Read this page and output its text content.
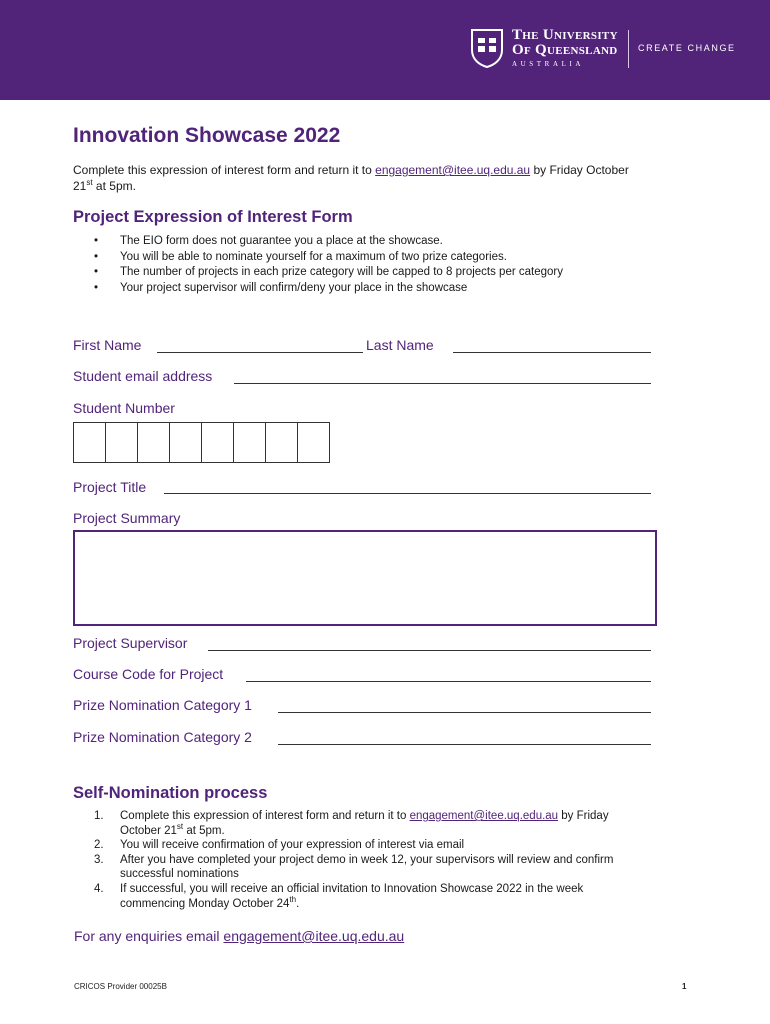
The University
Of Queensland
AUSTRALIA
CREATE CHANGE
Innovation Showcase 2022
Complete this expression of interest form and return it to engagement@itee.uq.edu.au by Friday October
21st at 5pm.
Project Expression of Interest Form
•	The EIO form does not guarantee you a place at the showcase.
•	You will be able to nominate yourself for a maximum of two prize categories.
•	The number of projects in each prize category will be capped to 8 projects per category
•	Your project supervisor will confirm/deny your place in the showcase
First Name	Last Name
Student email address
Student Number
Project Title
Project Summary
Project Supervisor
Course Code for Project
Prize Nomination Category 1
Prize Nomination Category 2
Self-Nomination process
1.	Complete this expression of interest form and return it to engagement@itee.uq.edu.au by Friday
October 21st at 5pm.
2.	You will receive confirmation of your expression of interest via email
3.	After you have completed your project demo in week 12, your supervisors will review and confirm
successful nominations
4.	If successful, you will receive an official invitation to Innovation Showcase 2022 in the week
commencing Monday October 24th.
For any enquiries email engagement@itee.uq.edu.au
CRICOS Provider 00025B	1
